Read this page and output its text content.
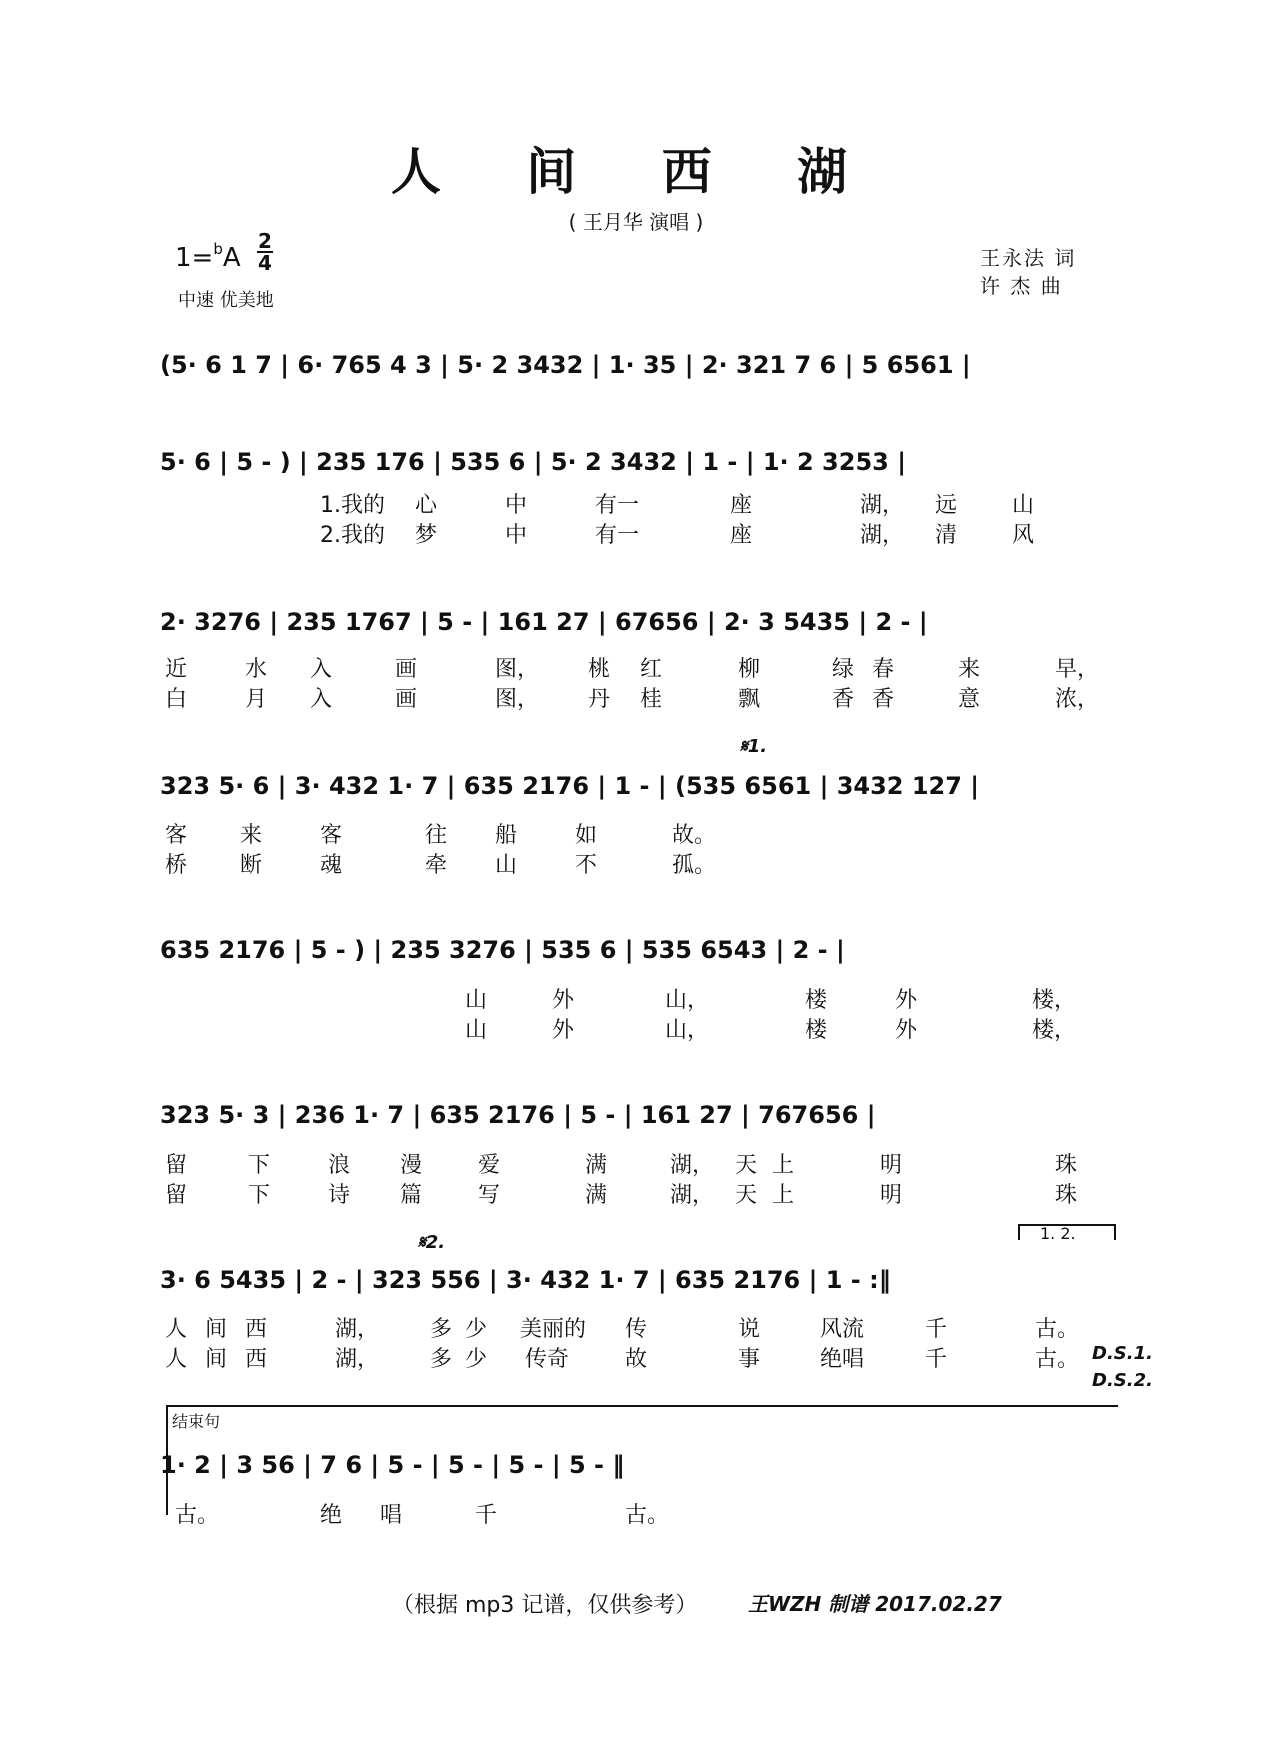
人 间 西 湖
( 王月华 演唱 )
1=$^b$A
2
4
中速 优美地
王永法 词
许 杰 曲
(5· 6 1 7 | 6· 765 4 3 | 5· 2 3432 | 1· 35 | 2· 321 7 6 | 5 6561 |
5· 6 | 5 - ) | 235 176 | 535 6 | 5· 2 3432 | 1 - | 1· 2 3253 |
1.我的 心	中	有一	座	湖， 远 山
2.我的 梦	中	有一	座	湖， 清 风
2· 3276 | 235 1767 | 5 - | 161 27 | 67656 | 2· 3 5435 | 2 - |
近	水 入	画	图， 桃 红	柳	绿 春	来	早，
白	月 入	画	图， 丹 桂	飘	香 香	意	浓，
𝄋1.
323 5· 6 | 3· 432 1· 7 | 635 2176 | 1 - | (535 6561 | 3432 127 |
客 来	客	往 船	如	故。
桥 断	魂	牵 山	不	孤。
635 2176 | 5 - ) | 235 3276 | 535 6 | 535 6543 | 2 - |
山	外	山，	楼	外	楼，
山	外	山，	楼	外	楼，
323 5· 3 | 236 1· 7 | 635 2176 | 5 - | 161 27 | 767656 |
留	下	浪 漫	爱	满	湖， 天 上	明	珠
留	下	诗 篇	写	满	湖， 天 上	明	珠
𝄋2.	1. 2.
3· 6 5435 | 2 - | 323 556 | 3· 432 1· 7 | 635 2176 | 1 - :‖
人 间 西	湖， 多 少 美丽的 传	说	风流	千	古。
人 间 西	湖， 多 少 传奇	故	事	绝唱	千	古。 D.S.1.
D.S.2.
结束句
1· 2 | 3 56 | 7 6 | 5 - | 5 - | 5 - | 5 - ‖
古。	绝 唱	千	古。
（根据 mp3 记谱，仅供参考）	王WZH 制谱 2017.02.27
